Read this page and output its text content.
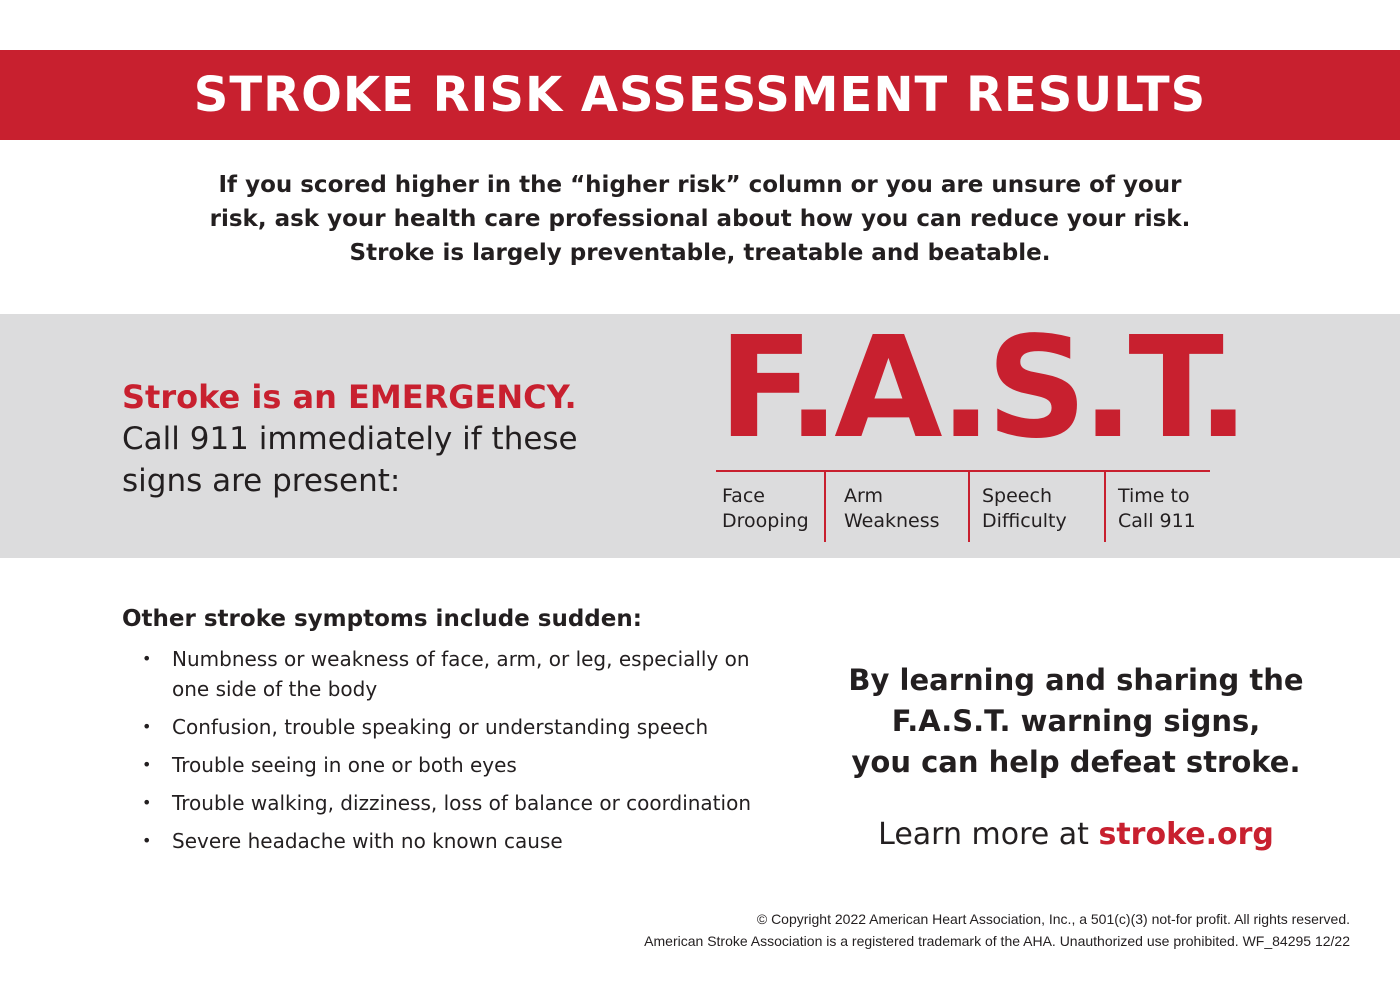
STROKE RISK ASSESSMENT RESULTS
If you scored higher in the “higher risk” column or you are unsure of your
risk, ask your health care professional about how you can reduce your risk.
Stroke is largely preventable, treatable and beatable.
Stroke is an EMERGENCY.
Call 911 immediately if these
signs are present:
F.A.S.T.
Face
Drooping
Arm
Weakness
Speech
Difficulty
Time to
Call 911
Other stroke symptoms include sudden:
• Numbness or weakness of face, arm, or leg, especially on one side of the body
• Confusion, trouble speaking or understanding speech
• Trouble seeing in one or both eyes
• Trouble walking, dizziness, loss of balance or coordination
• Severe headache with no known cause
By learning and sharing the
F.A.S.T. warning signs,
you can help defeat stroke.
Learn more at stroke.org
© Copyright 2022 American Heart Association, Inc., a 501(c)(3) not-for profit. All rights reserved.
American Stroke Association is a registered trademark of the AHA. Unauthorized use prohibited. WF_84295 12/22
